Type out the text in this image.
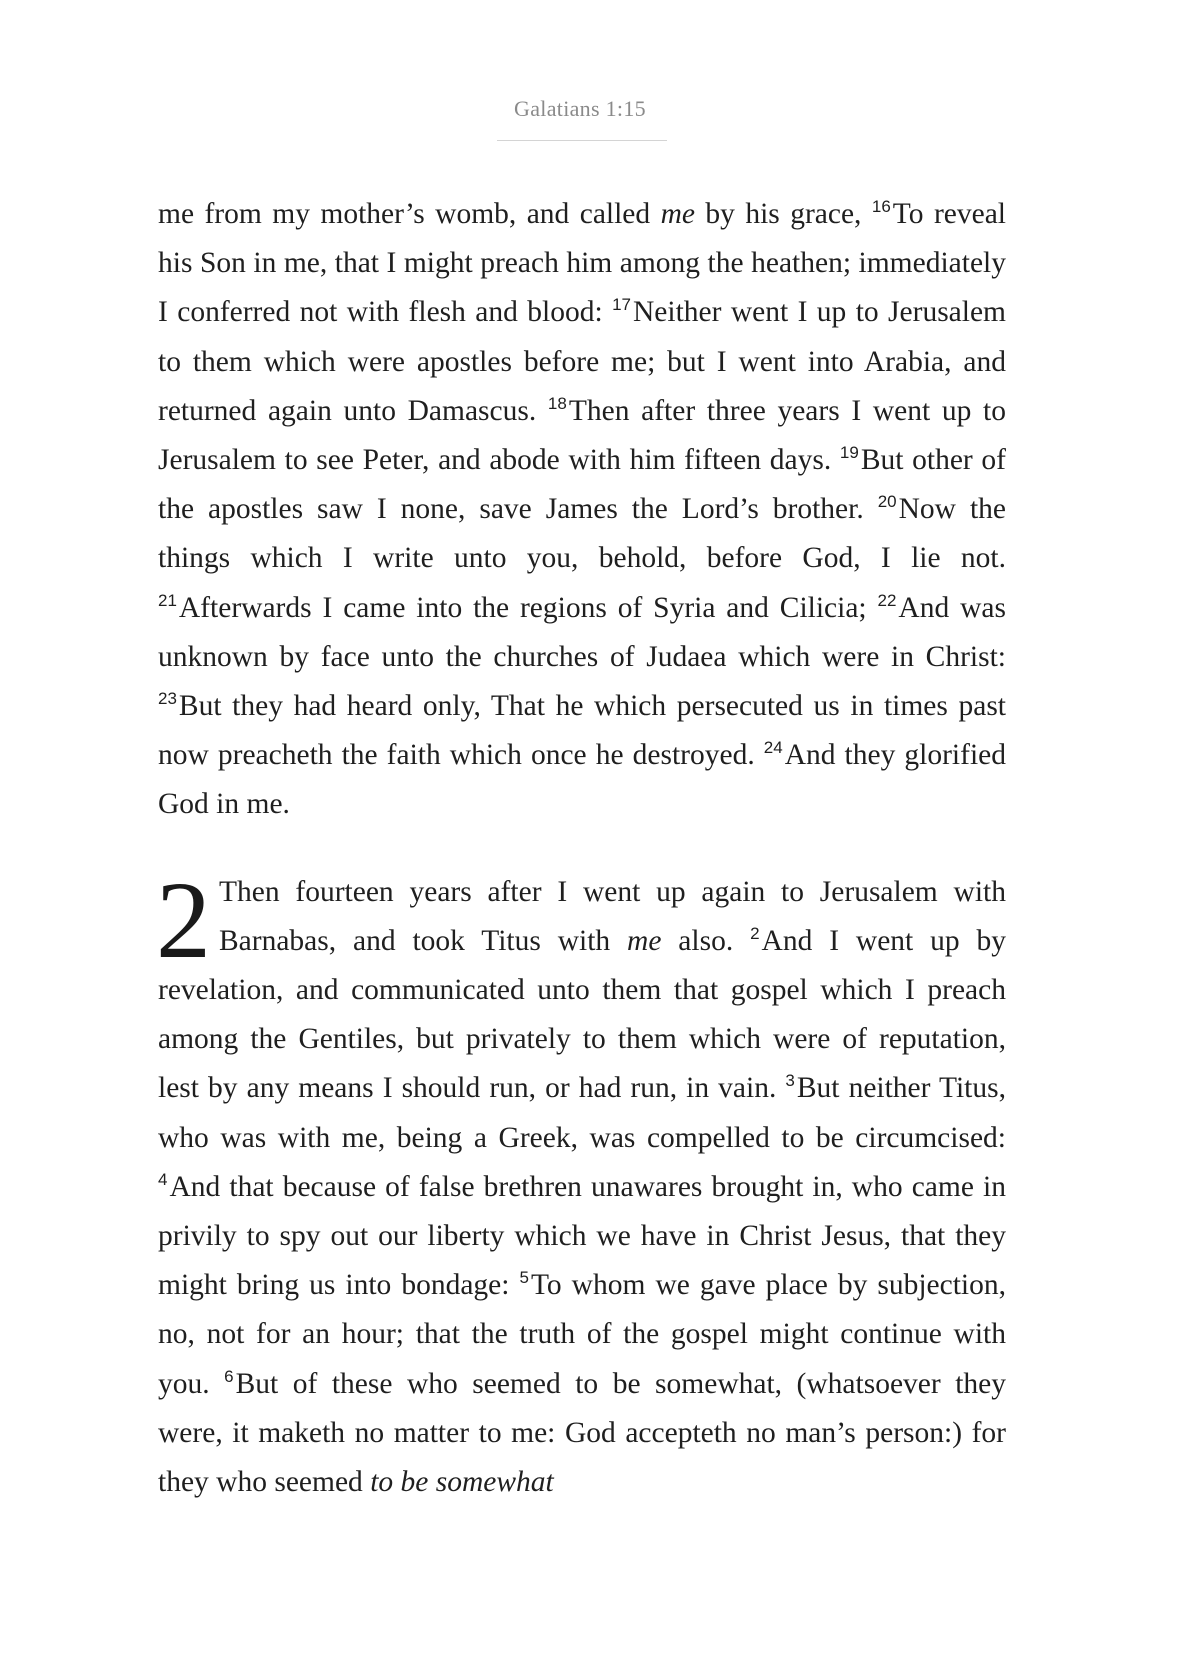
Galatians 1:15

me from my mother’s womb, and called me by his grace, $^{16}$To reveal his Son in me, that I might preach him among the heathen; immediately I conferred not with flesh and blood: $^{17}$Neither went I up to Jerusalem to them which were apostles before me; but I went into Arabia, and returned again unto Damascus. $^{18}$Then after three years I went up to Jerusalem to see Peter, and abode with him fifteen days. $^{19}$But other of the apostles saw I none, save James the Lord’s brother. $^{20}$Now the things which I write unto you, behold, before God, I lie not. $^{21}$Afterwards I came into the regions of Syria and Cilicia; $^{22}$And was unknown by face unto the churches of Judaea which were in Christ: $^{23}$But they had heard only, That he which persecuted us in times past now preacheth the faith which once he destroyed. $^{24}$And they glorified God in me.

2 Then fourteen years after I went up again to Jerusalem with Barnabas, and took Titus with me also. $^2$And I went up by revelation, and communicated unto them that gospel which I preach among the Gentiles, but privately to them which were of reputation, lest by any means I should run, or had run, in vain. $^3$But neither Titus, who was with me, being a Greek, was compelled to be circumcised: $^4$And that because of false brethren unawares brought in, who came in privily to spy out our liberty which we have in Christ Jesus, that they might bring us into bondage: $^5$To whom we gave place by subjection, no, not for an hour; that the truth of the gospel might continue with you. $^6$But of these who seemed to be somewhat, (whatsoever they were, it maketh no matter to me: God accepteth no man’s person:) for they who seemed to be somewhat
